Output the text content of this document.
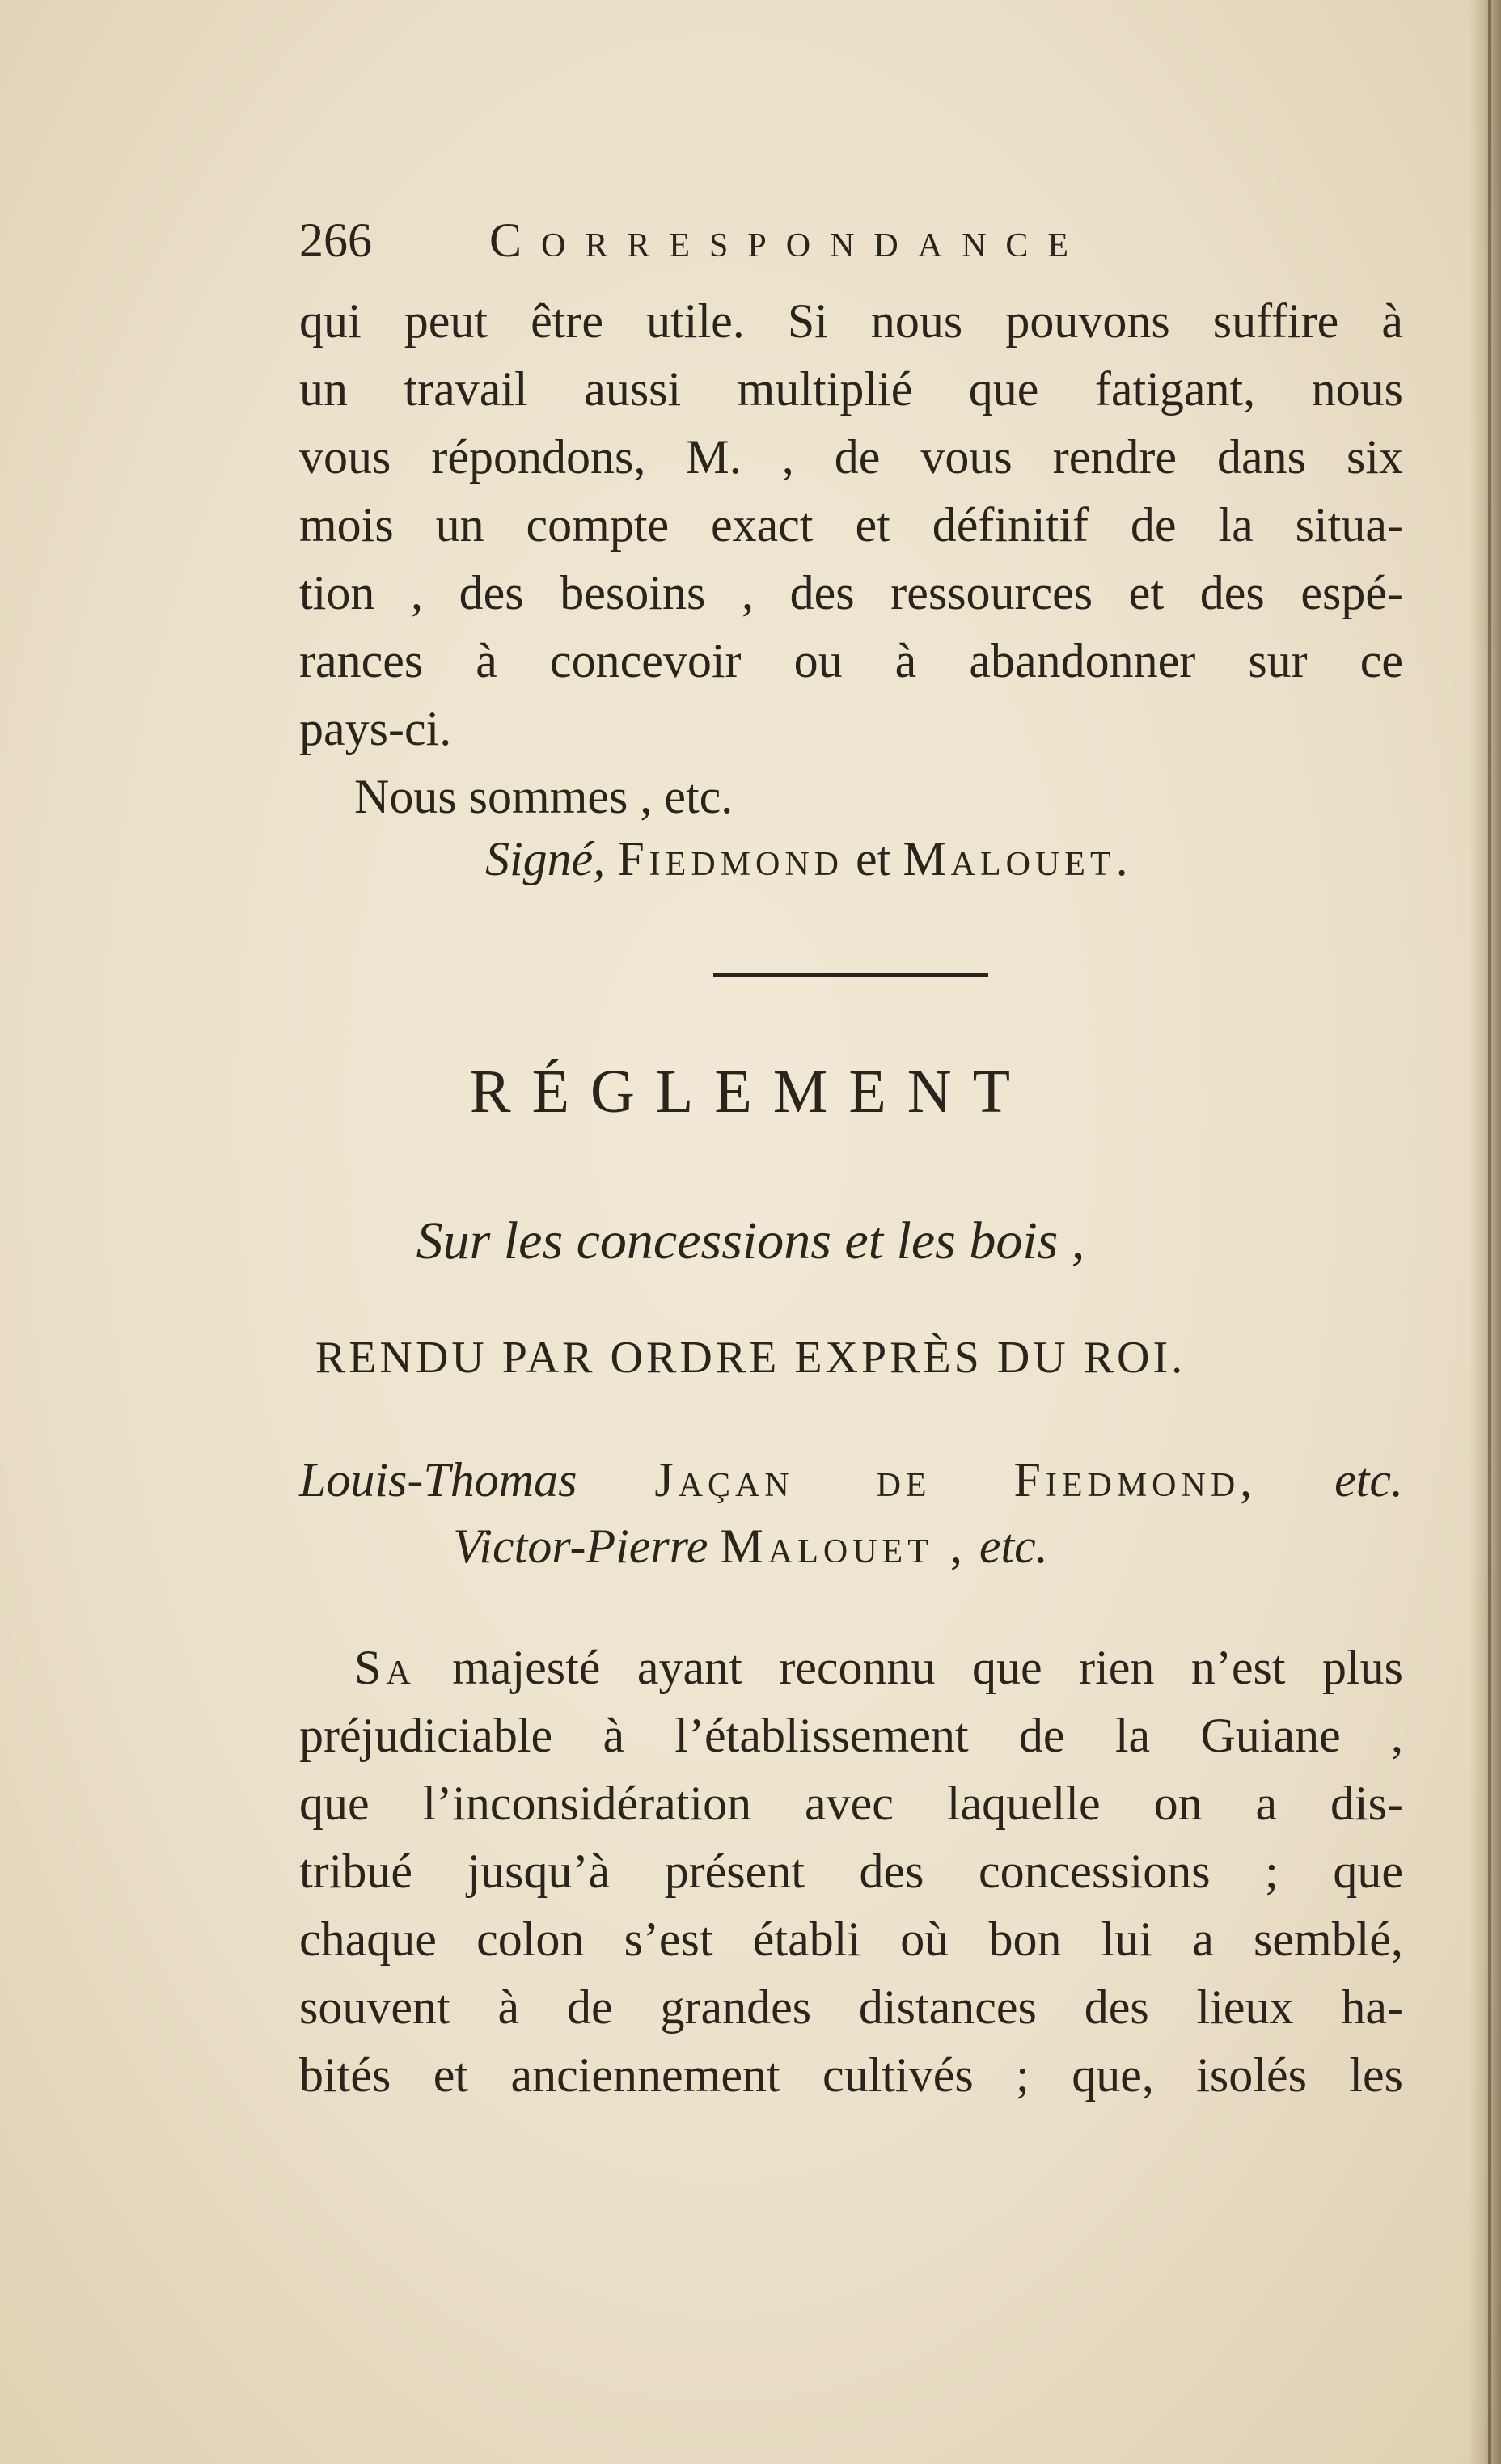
266 Correspondance
qui peut être utile. Si nous pouvons suffire à
un travail aussi multiplié que fatigant, nous
vous répondons, M. , de vous rendre dans six
mois un compte exact et définitif de la situa-
tion , des besoins , des ressources et des espé-
rances à concevoir ou à abandonner sur ce
pays-ci.
Nous sommes , etc.
Signé, Fiedmond et Malouet.
RÉGLEMENT
Sur les concessions et les bois ,
RENDU PAR ORDRE EXPRÈS DU ROI.
Louis-Thomas Jaçan de Fiedmond, etc.
Victor-Pierre Malouet , etc.
Sa majesté ayant reconnu que rien n’est plus
préjudiciable à l’établissement de la Guiane ,
que l’inconsidération avec laquelle on a dis-
tribué jusqu’à présent des concessions ; que
chaque colon s’est établi où bon lui a semblé,
souvent à de grandes distances des lieux ha-
bités et anciennement cultivés ; que, isolés les
